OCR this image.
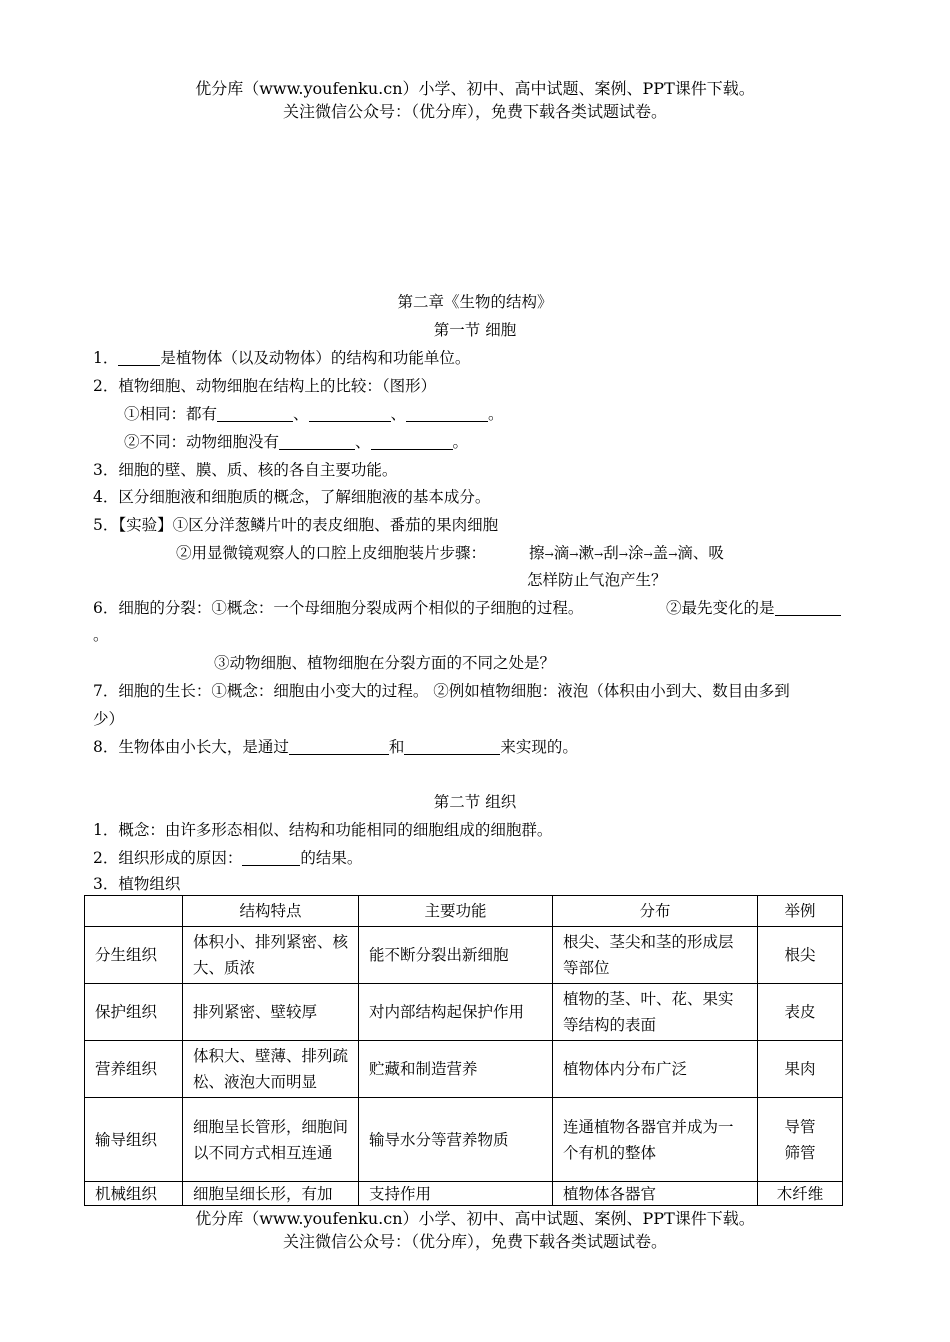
优分库（www.youfenku.cn）小学、初中、高中试题、案例、PPT课件下载。
关注微信公众号：（优分库），免费下载各类试题试卷。
第二章《生物的结构》
第一节 细胞
1．	是植物体（以及动物体）的结构和功能单位。
2．植物细胞、动物细胞在结构上的比较：（图形）
①相同：都有	、	、	。
②不同：动物细胞没有	、	。
3．细胞的壁、膜、质、核的各自主要功能。
4．区分细胞液和细胞质的概念，了解细胞液的基本成分。
5．【实验】①区分洋葱鳞片叶的表皮细胞、番茄的果肉细胞
②用显微镜观察人的口腔上皮细胞装片步骤：	擦→滴→漱→刮→涂→盖→滴、吸
怎样防止气泡产生？
6．细胞的分裂：①概念：一个母细胞分裂成两个相似的子细胞的过程。	②最先变化的是
。
③动物细胞、植物细胞在分裂方面的不同之处是？
7．细胞的生长：①概念：细胞由小变大的过程。 ②例如植物细胞：液泡（体积由小到大、数目由多到
少）
8．生物体由小长大，是通过	和	来实现的。
第二节 组织
1．概念：由许多形态相似、结构和功能相同的细胞组成的细胞群。
2．组织形成的原因：	的结果。
3．植物组织
	结构特点	主要功能	分布	举例
分生组织	体积小、排列紧密、核大、质浓	能不断分裂出新细胞	根尖、茎尖和茎的形成层等部位	根尖
保护组织	排列紧密、壁较厚	对内部结构起保护作用	植物的茎、叶、花、果实等结构的表面	表皮
营养组织	体积大、壁薄、排列疏松、液泡大而明显	贮藏和制造营养	植物体内分布广泛	果肉
输导组织	细胞呈长管形，细胞间以不同方式相互连通	输导水分等营养物质	连通植物各器官并成为一个有机的整体	导管
筛管
机械组织	细胞呈细长形，有加	支持作用	植物体各器官	木纤维
优分库（www.youfenku.cn）小学、初中、高中试题、案例、PPT课件下载。
关注微信公众号：（优分库），免费下载各类试题试卷。
